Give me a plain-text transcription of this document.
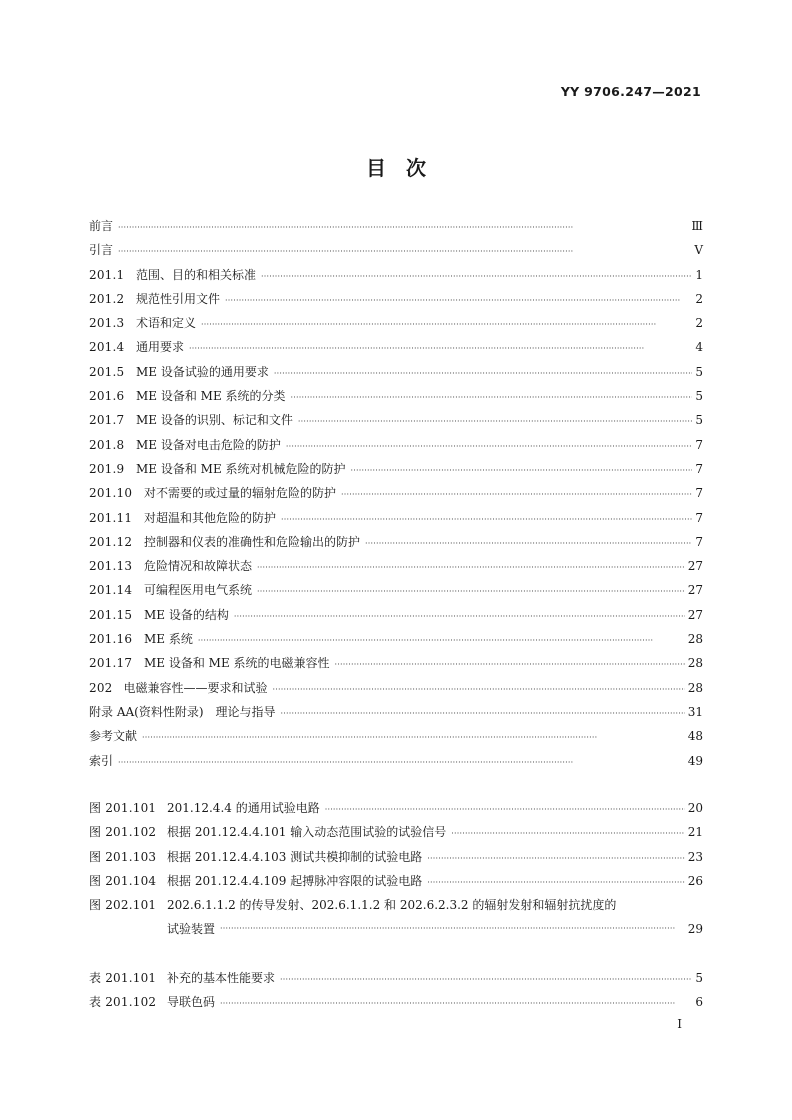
YY 9706.247—2021
目　次
前言 ·····	Ⅲ
引言 ·····	Ⅴ
201.1 范围、目的和相关标准 ·····	1
201.2 规范性引用文件 ·····	2
201.3 术语和定义 ·····	2
201.4 通用要求 ·····	4
201.5 ME 设备试验的通用要求 ·····	5
201.6 ME 设备和 ME 系统的分类 ·····	5
201.7 ME 设备的识别、标记和文件 ·····	5
201.8 ME 设备对电击危险的防护 ·····	7
201.9 ME 设备和 ME 系统对机械危险的防护 ·····	7
201.10 对不需要的或过量的辐射危险的防护 ·····	7
201.11 对超温和其他危险的防护 ·····	7
201.12 控制器和仪表的准确性和危险输出的防护 ·····	7
201.13 危险情况和故障状态 ·····	27
201.14 可编程医用电气系统 ·····	27
201.15 ME 设备的结构 ·····	27
201.16 ME 系统 ·····	28
201.17 ME 设备和 ME 系统的电磁兼容性 ·····	28
202 电磁兼容性——要求和试验 ·····	28
附录 AA(资料性附录)　理论与指导 ·····	31
参考文献 ·····	48
索引 ·····	49
图 201.101 201.12.4.4 的通用试验电路 ·····	20
图 201.102 根据 201.12.4.4.101 输入动态范围试验的试验信号 ·····	21
图 201.103 根据 201.12.4.4.103 测试共模抑制的试验电路 ·····	23
图 201.104 根据 201.12.4.4.109 起搏脉冲容限的试验电路 ·····	26
图 202.101 202.6.1.1.2 的传导发射、202.6.1.1.2 和 202.6.2.3.2 的辐射发射和辐射抗扰度的
试验装置 ·····	29
表 201.101 补充的基本性能要求 ·····	5
表 201.102 导联色码 ·····	6
Ⅰ
